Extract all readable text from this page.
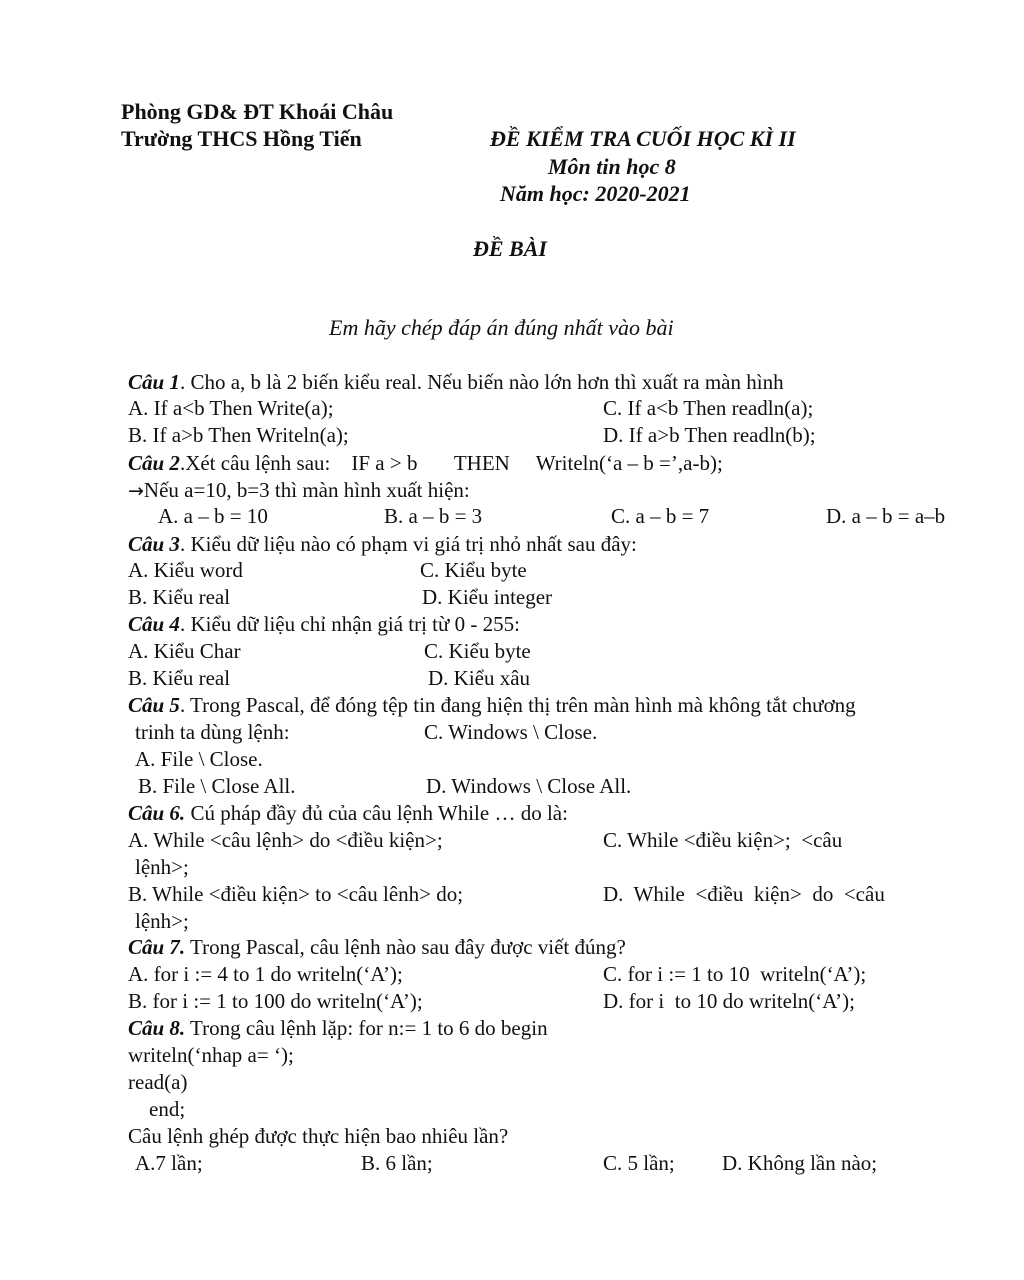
Phòng GD& ĐT Khoái Châu
Trường THCS Hồng Tiến	ĐỀ KIỂM TRA CUỐI HỌC KÌ II
Môn tin học 8
Năm học: 2020-2021
ĐỀ BÀI
Em hãy chép đáp án đúng nhất vào bài
Câu 1. Cho a, b là 2 biến kiểu real. Nếu biến nào lớn hơn thì xuất ra màn hình
A. If a<b Then Write(a);	C. If a<b Then readln(a);
B. If a>b Then Writeln(a);	D. If a>b Then readln(b);
Câu 2.Xét câu lệnh sau:    IF a > b       THEN     Writeln(‘a – b =’,a-b);
→Nếu a=10, b=3 thì màn hình xuất hiện:
A. a – b = 10	B. a – b = 3	C. a – b = 7	D. a – b = a–b
Câu 3. Kiểu dữ liệu nào có phạm vi giá trị nhỏ nhất sau đây:
A. Kiểu word	C. Kiểu byte
B. Kiểu real	D. Kiểu integer
Câu 4. Kiểu dữ liệu chỉ nhận giá trị từ 0 - 255:
A. Kiểu Char	C. Kiểu byte
B. Kiểu real	D. Kiểu xâu
Câu 5. Trong Pascal, để đóng tệp tin đang hiện thị trên màn hình mà không tắt chương
trinh ta dùng lệnh:	C. Windows \ Close.
A. File \ Close.
B. File \ Close All.	D. Windows \ Close All.
Câu 6. Cú pháp đầy đủ của câu lệnh While … do là:
A. While <câu lệnh> do <điều kiện>;	C. While <điều kiện>;  <câu
lệnh>;
B. While <điều kiện> to <câu lênh> do;	D.  While  <điều  kiện>  do  <câu
lệnh>;
Câu 7. Trong Pascal, câu lệnh nào sau đây được viết đúng?
A. for i := 4 to 1 do writeln(‘A’);	C. for i := 1 to 10  writeln(‘A’);
B. for i := 1 to 100 do writeln(‘A’);	D. for i  to 10 do writeln(‘A’);
Câu 8. Trong câu lệnh lặp: for n:= 1 to 6 do begin
writeln(‘nhap a= ‘);
read(a)
end;
Câu lệnh ghép được thực hiện bao nhiêu lần?
A.7 lần;	B. 6 lần;	C. 5 lần; D. Không lần nào;
